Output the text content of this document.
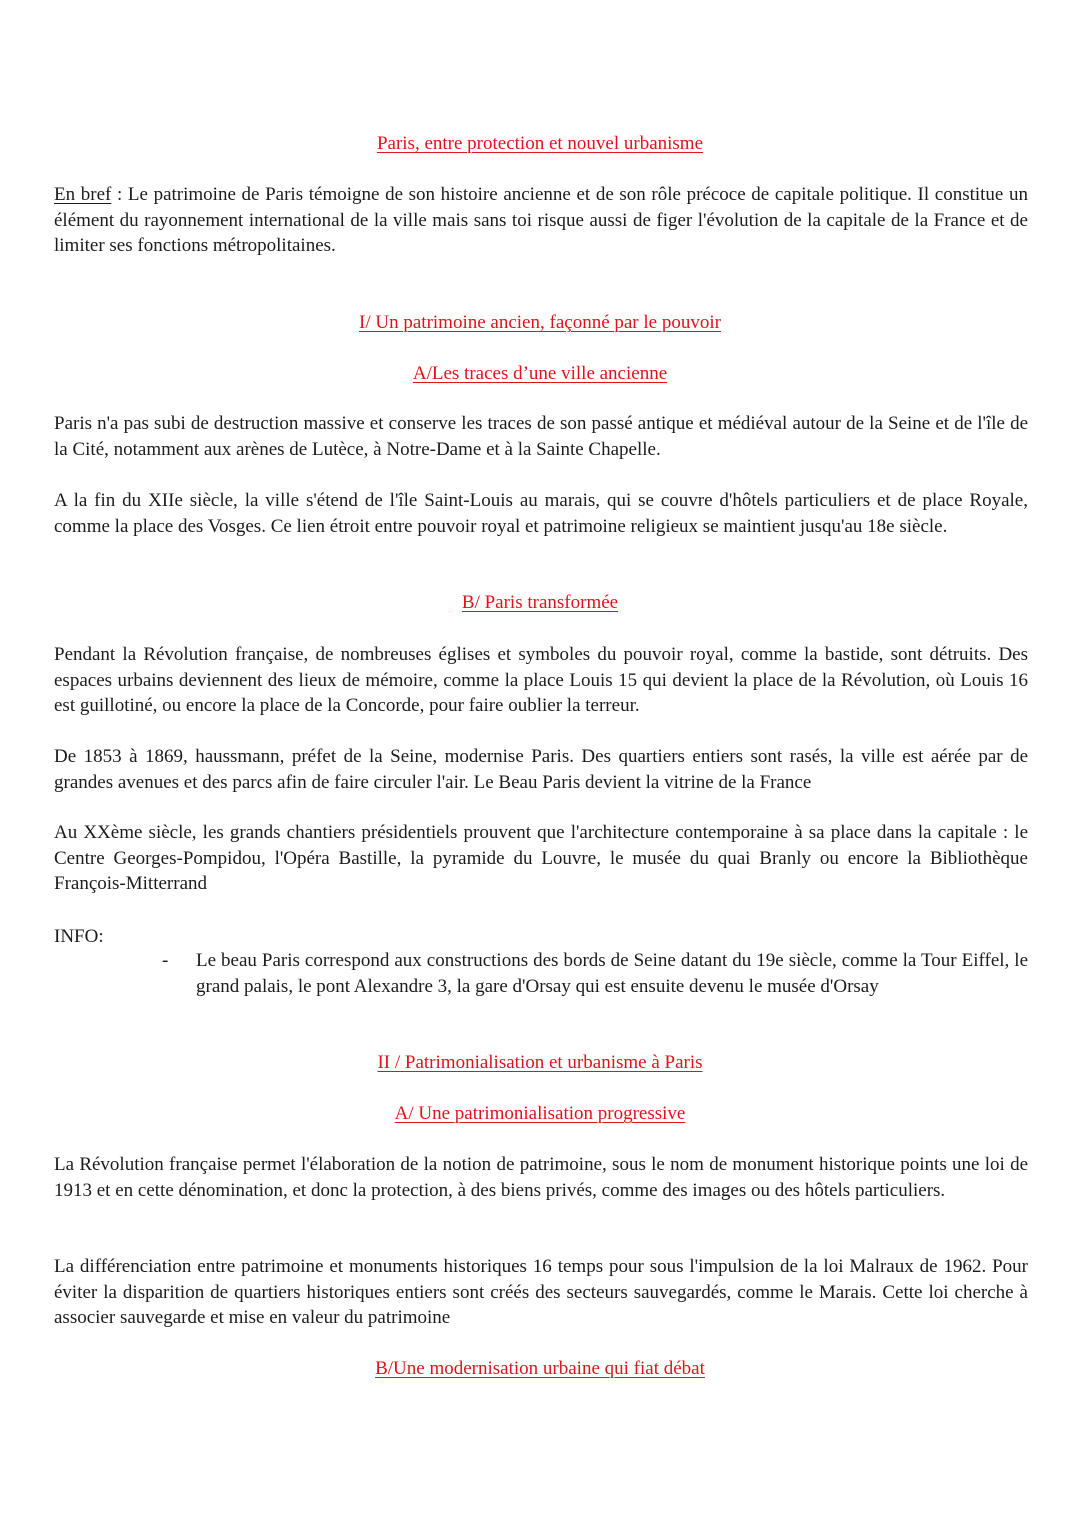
Paris, entre protection et nouvel urbanisme

En bref : Le patrimoine de Paris témoigne de son histoire ancienne et de son rôle précoce de capitale politique. Il constitue un élément du rayonnement international de la ville mais sans toi risque aussi de figer l'évolution de la capitale de la France et de limiter ses fonctions métropolitaines.

I/ Un patrimoine ancien, façonné par le pouvoir
A/Les traces d’une ville ancienne

Paris n'a pas subi de destruction massive et conserve les traces de son passé antique et médiéval autour de la Seine et de l'île de la Cité, notamment aux arènes de Lutèce, à Notre-Dame et à la Sainte Chapelle.

A la fin du XIIe siècle, la ville s'étend de l'île Saint-Louis au marais, qui se couvre d'hôtels particuliers et de place Royale, comme la place des Vosges. Ce lien étroit entre pouvoir royal et patrimoine religieux se maintient jusqu'au 18e siècle.

B/ Paris transformée

Pendant la Révolution française, de nombreuses églises et symboles du pouvoir royal, comme la bastide, sont détruits. Des espaces urbains deviennent des lieux de mémoire, comme la place Louis 15 qui devient la place de la Révolution, où Louis 16 est guillotiné, ou encore la place de la Concorde, pour faire oublier la terreur.

De 1853 à 1869, haussmann, préfet de la Seine, modernise Paris. Des quartiers entiers sont rasés, la ville est aérée par de grandes avenues et des parcs afin de faire circuler l'air. Le Beau Paris devient la vitrine de la France

Au XXème siècle, les grands chantiers présidentiels prouvent que l'architecture contemporaine à sa place dans la capitale : le Centre Georges-Pompidou, l'Opéra Bastille, la pyramide du Louvre, le musée du quai Branly ou encore la Bibliothèque François-Mitterrand

INFO:
- Le beau Paris correspond aux constructions des bords de Seine datant du 19e siècle, comme la Tour Eiffel, le grand palais, le pont Alexandre 3, la gare d'Orsay qui est ensuite devenu le musée d'Orsay
II / Patrimonialisation et urbanisme à Paris
A/ Une patrimonialisation progressive

La Révolution française permet l'élaboration de la notion de patrimoine, sous le nom de monument historique points une loi de 1913 et en cette dénomination, et donc la protection, à des biens privés, comme des images ou des hôtels particuliers.

La différenciation entre patrimoine et monuments historiques 16 temps pour sous l'impulsion de la loi Malraux de 1962. Pour éviter la disparition de quartiers historiques entiers sont créés des secteurs sauvegardés, comme le Marais. Cette loi cherche à associer sauvegarde et mise en valeur du patrimoine

B/Une modernisation urbaine qui fiat débat
